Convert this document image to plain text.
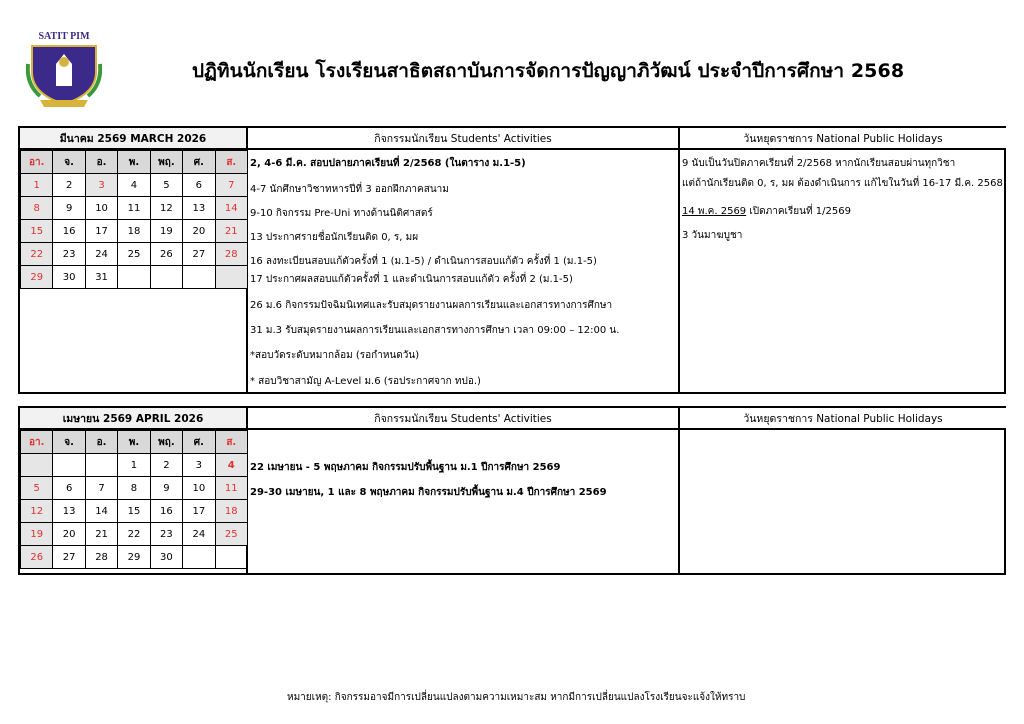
SATIT PIM
ปฏิทินนักเรียน โรงเรียนสาธิตสถาบันการจัดการปัญญาภิวัฒน์ ประจำปีการศึกษา 2568
มีนาคม 2569 MARCH 2026	กิจกรรมนักเรียน Students' Activities	วันหยุดราชการ National Public Holidays
อา.	จ.	อ.	พ.	พฤ.	ศ.	ส.
1	2	3	4	5	6	7
8	9	10	11	12	13	14
15	16	17	18	19	20	21
22	23	24	25	26	27	28
29	30	31				
2, 4-6 มี.ค. สอบปลายภาคเรียนที่ 2/2568 (ในตาราง ม.1-5)
4-7 นักศึกษาวิชาทหารปีที่ 3 ออกฝึกภาคสนาม
9-10 กิจกรรม Pre-Uni ทางด้านนิติศาสตร์
13 ประกาศรายชื่อนักเรียนติด 0, ร, มผ
16 ลงทะเบียนสอบแก้ตัวครั้งที่ 1 (ม.1-5) / ดำเนินการสอบแก้ตัว ครั้งที่ 1 (ม.1-5)
17 ประกาศผลสอบแก้ตัวครั้งที่ 1 และดำเนินการสอบแก้ตัว ครั้งที่ 2 (ม.1-5)
26 ม.6 กิจกรรมปัจฉิมนิเทศและรับสมุดรายงานผลการเรียนและเอกสารทางการศึกษา
31 ม.3 รับสมุดรายงานผลการเรียนและเอกสารทางการศึกษา เวลา 09:00 – 12:00 น.
*สอบวัดระดับหมากล้อม (รอกำหนดวัน)
* สอบวิชาสามัญ A-Level ม.6 (รอประกาศจาก ทปอ.)
9 นับเป็นวันปิดภาคเรียนที่ 2/2568 หากนักเรียนสอบผ่านทุกวิชา
แต่ถ้านักเรียนติด 0, ร, มผ ต้องดำเนินการ แก้ไขในวันที่ 16-17 มี.ค. 2568
14 พ.ค. 2569 เปิดภาคเรียนที่ 1/2569
3 วันมาฆบูชา
เมษายน 2569 APRIL 2026	กิจกรรมนักเรียน Students' Activities	วันหยุดราชการ National Public Holidays
อา.	จ.	อ.	พ.	พฤ.	ศ.	ส.
			1	2	3	4
5	6	7	8	9	10	11
12	13	14	15	16	17	18
19	20	21	22	23	24	25
26	27	28	29	30		
22 เมษายน - 5 พฤษภาคม กิจกรรมปรับพื้นฐาน ม.1 ปีการศึกษา 2569
29-30 เมษายน, 1 และ 8 พฤษภาคม กิจกรรมปรับพื้นฐาน ม.4 ปีการศึกษา 2569
หมายเหตุ: กิจกรรมอาจมีการเปลี่ยนแปลงตามความเหมาะสม หากมีการเปลี่ยนแปลงโรงเรียนจะแจ้งให้ทราบ
